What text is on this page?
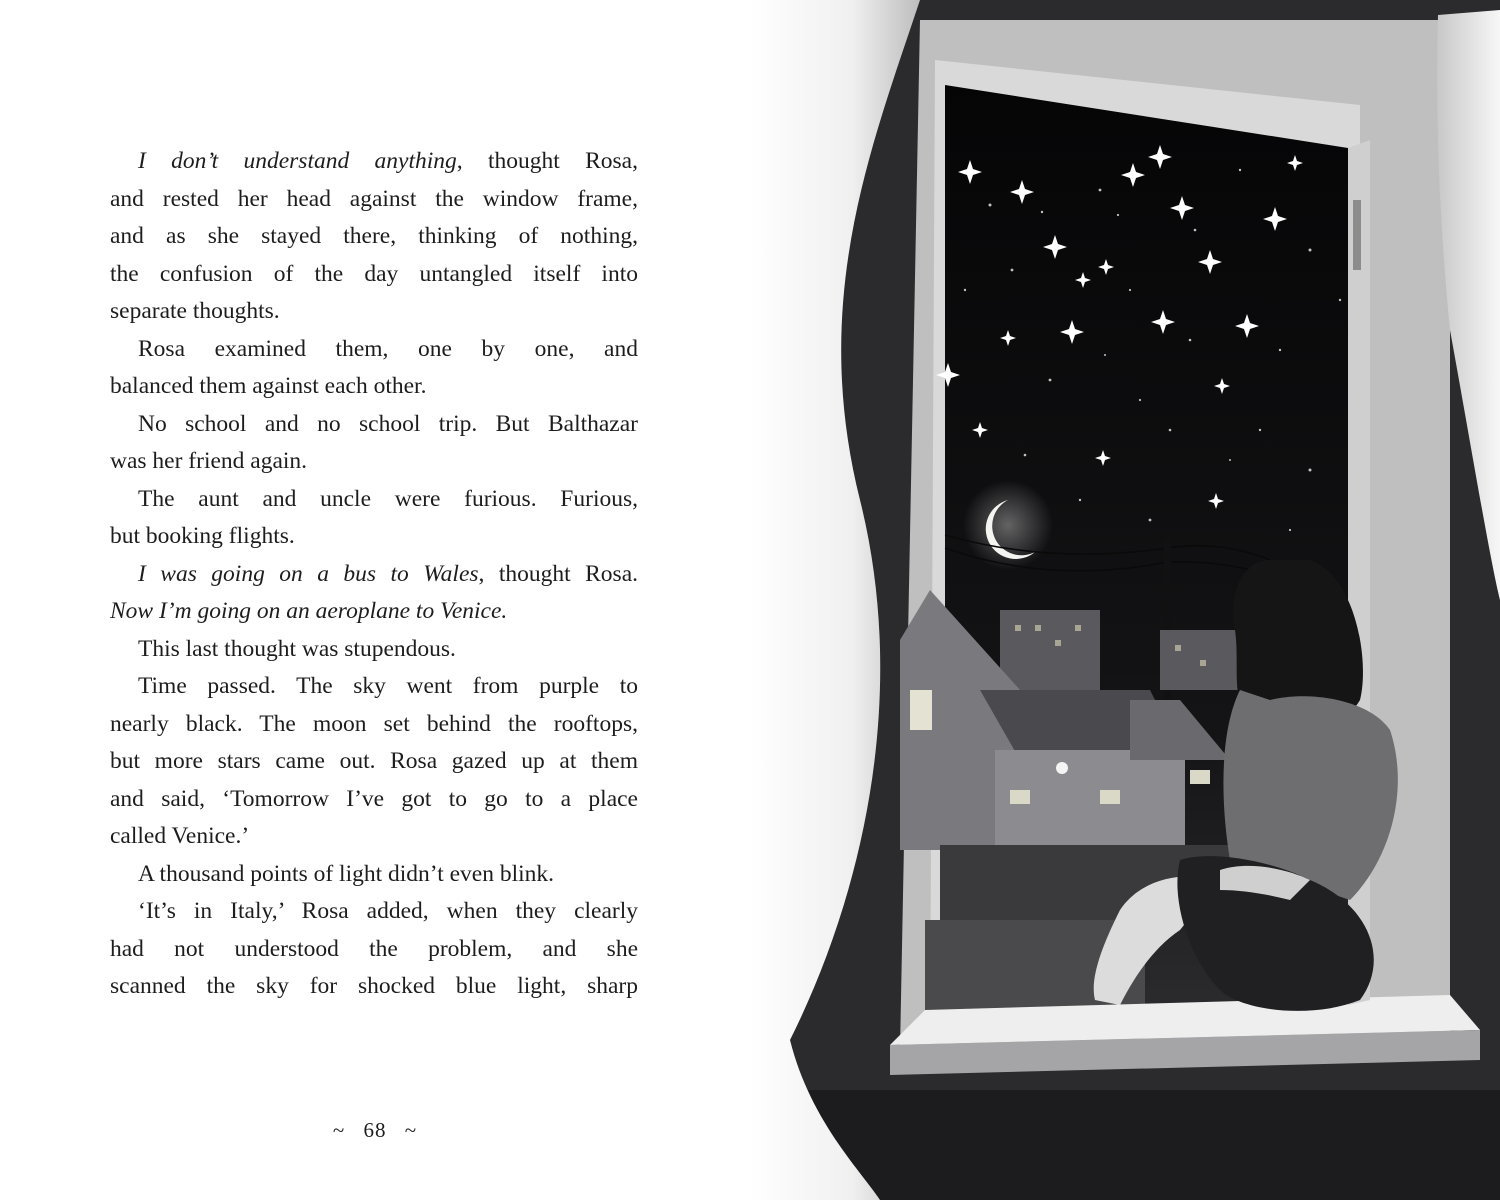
I don’t understand anything, thought Rosa,
and rested her head against the window frame,
and as she stayed there, thinking of nothing,
the confusion of the day untangled itself into
separate thoughts.
Rosa examined them, one by one, and
balanced them against each other.
No school and no school trip. But Balthazar
was her friend again.
The aunt and uncle were furious. Furious,
but booking flights.
I was going on a bus to Wales, thought Rosa.
Now I’m going on an aeroplane to Venice.
This last thought was stupendous.
Time passed. The sky went from purple to
nearly black. The moon set behind the rooftops,
but more stars came out. Rosa gazed up at them
and said, ‘Tomorrow I’ve got to go to a place
called Venice.’
A thousand points of light didn’t even blink.
‘It’s in Italy,’ Rosa added, when they clearly
had not understood the problem, and she
scanned the sky for shocked blue light, sharp
~ 68 ~
